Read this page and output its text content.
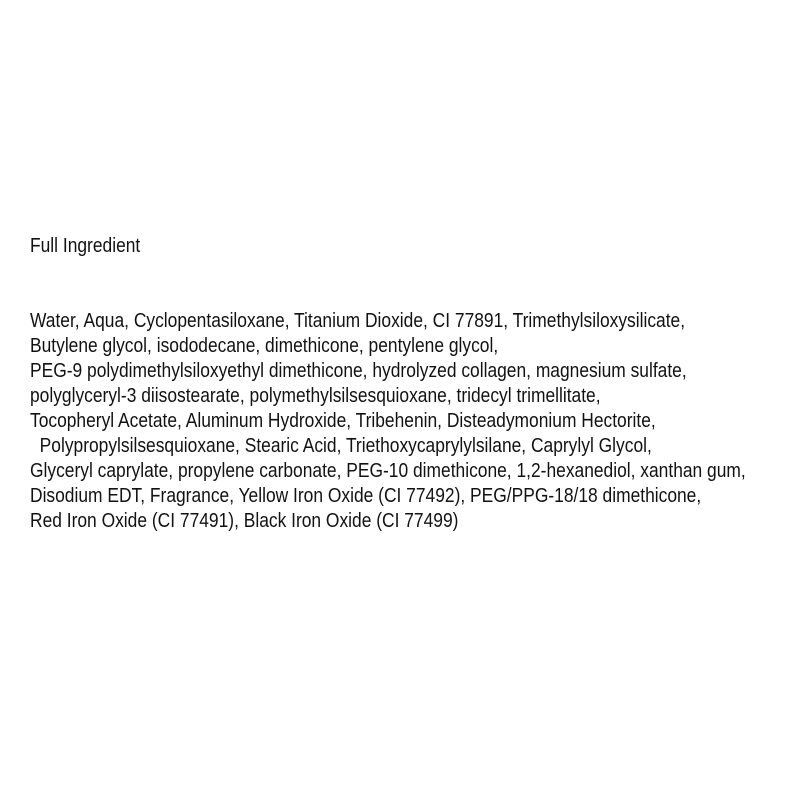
Full Ingredient

Water, Aqua, Cyclopentasiloxane, Titanium Dioxide, CI 77891, Trimethylsiloxysilicate,
Butylene glycol, isododecane, dimethicone, pentylene glycol,
PEG-9 polydimethylsiloxyethyl dimethicone, hydrolyzed collagen, magnesium sulfate,
polyglyceryl-3 diisostearate, polymethylsilsesquioxane, tridecyl trimellitate,
Tocopheryl Acetate, Aluminum Hydroxide, Tribehenin, Disteadymonium Hectorite,
Polypropylsilsesquioxane, Stearic Acid, Triethoxycaprylylsilane, Caprylyl Glycol,
Glyceryl caprylate, propylene carbonate, PEG-10 dimethicone, 1,2-hexanediol, xanthan gum,
Disodium EDT, Fragrance, Yellow Iron Oxide (CI 77492), PEG/PPG-18/18 dimethicone,
Red Iron Oxide (CI 77491), Black Iron Oxide (CI 77499)
